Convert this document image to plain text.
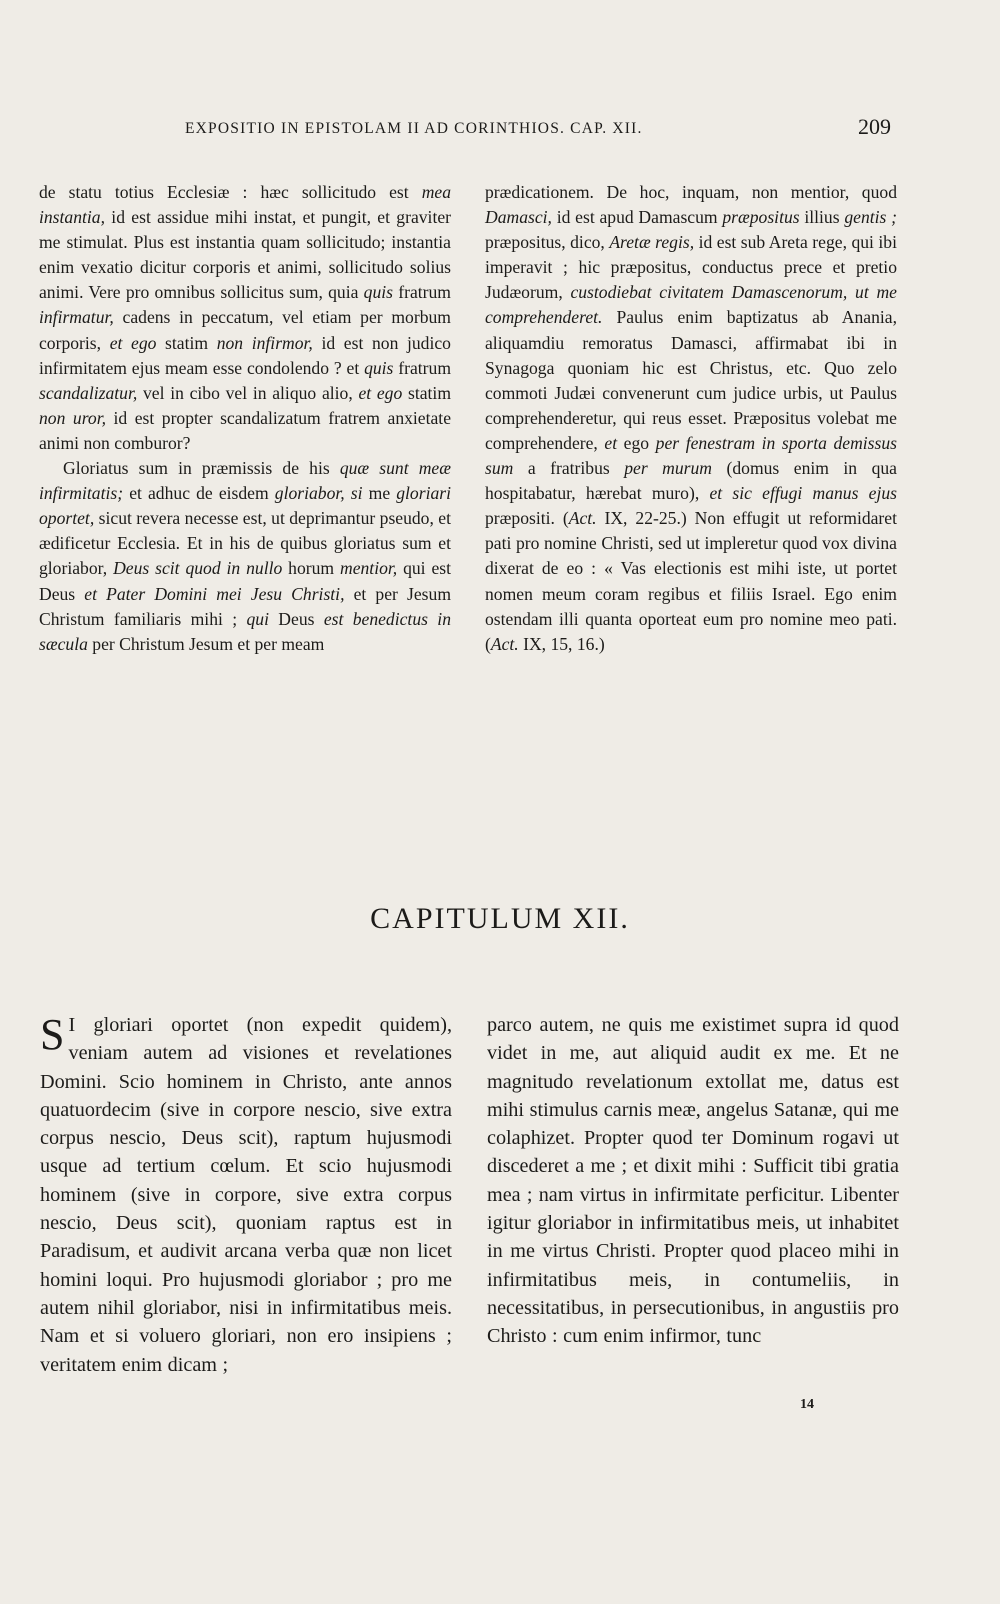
EXPOSITIO IN EPISTOLAM II AD CORINTHIOS. CAP. XII.	209

de statu totius Ecclesiæ : hæc sollicitudo est mea instantia, id est assidue mihi instat, et pungit, et graviter me stimulat. Plus est instantia quam sollicitudo; instantia enim vexatio dicitur corporis et animi, sollicitudo solius animi. Vere pro omnibus sollicitus sum, quia quis fratrum infirmatur, cadens in peccatum, vel etiam per morbum corporis, et ego statim non infirmor, id est non judico infirmitatem ejus meam esse condolendo ? et quis fratrum scandalizatur, vel in cibo vel in aliquo alio, et ego statim non uror, id est propter scandalizatum fratrem anxietate animi non comburor?

Gloriatus sum in præmissis de his quæ sunt meæ infirmitatis; et adhuc de eisdem gloriabor, si me gloriari oportet, sicut revera necesse est, ut deprimantur pseudo, et ædificetur Ecclesia. Et in his de quibus gloriatus sum et gloriabor, Deus scit quod in nullo horum mentior, qui est Deus et Pater Domini mei Jesu Christi, et per Jesum Christum familiaris mihi ; qui Deus est benedictus in sæcula per Christum Jesum et per meam

prædicationem. De hoc, inquam, non mentior, quod Damasci, id est apud Damascum præpositus illius gentis ; præpositus, dico, Aretæ regis, id est sub Areta rege, qui ibi imperavit ; hic præpositus, conductus prece et pretio Judæorum, custodiebat civitatem Damascenorum, ut me comprehenderet. Paulus enim baptizatus ab Anania, aliquamdiu remoratus Damasci, affirmabat ibi in Synagoga quoniam hic est Christus, etc. Quo zelo commoti Judæi convenerunt cum judice urbis, ut Paulus comprehenderetur, qui reus esset. Præpositus volebat me comprehendere, et ego per fenestram in sporta demissus sum a fratribus per murum (domus enim in qua hospitabatur, hærebat muro), et sic effugi manus ejus præpositi. (Act. IX, 22-25.) Non effugit ut reformidaret pati pro nomine Christi, sed ut impleretur quod vox divina dixerat de eo : « Vas electionis est mihi iste, ut portet nomen meum coram regibus et filiis Israel. Ego enim ostendam illi quanta oporteat eum pro nomine meo pati. (Act. IX, 15, 16.)

CAPITULUM XII.

S I gloriari oportet (non expedit quidem), veniam autem ad visiones et revelationes Domini. Scio hominem in Christo, ante annos quatuordecim (sive in corpore nescio, sive extra corpus nescio, Deus scit), raptum hujusmodi usque ad tertium cœlum. Et scio hujusmodi hominem (sive in corpore, sive extra corpus nescio, Deus scit), quoniam raptus est in Paradisum, et audivit arcana verba quæ non licet homini loqui. Pro hujusmodi gloriabor ; pro me autem nihil gloriabor, nisi in infirmitatibus meis. Nam et si voluero gloriari, non ero insipiens ; veritatem enim dicam ;

parco autem, ne quis me existimet supra id quod videt in me, aut aliquid audit ex me. Et ne magnitudo revelationum extollat me, datus est mihi stimulus carnis meæ, angelus Satanæ, qui me colaphizet. Propter quod ter Dominum rogavi ut discederet a me ; et dixit mihi : Sufficit tibi gratia mea ; nam virtus in infirmitate perficitur. Libenter igitur gloriabor in infirmitatibus meis, ut inhabitet in me virtus Christi. Propter quod placeo mihi in infirmitatibus meis, in contumeliis, in necessitatibus, in persecutionibus, in angustiis pro Christo : cum enim infirmor, tunc

14
